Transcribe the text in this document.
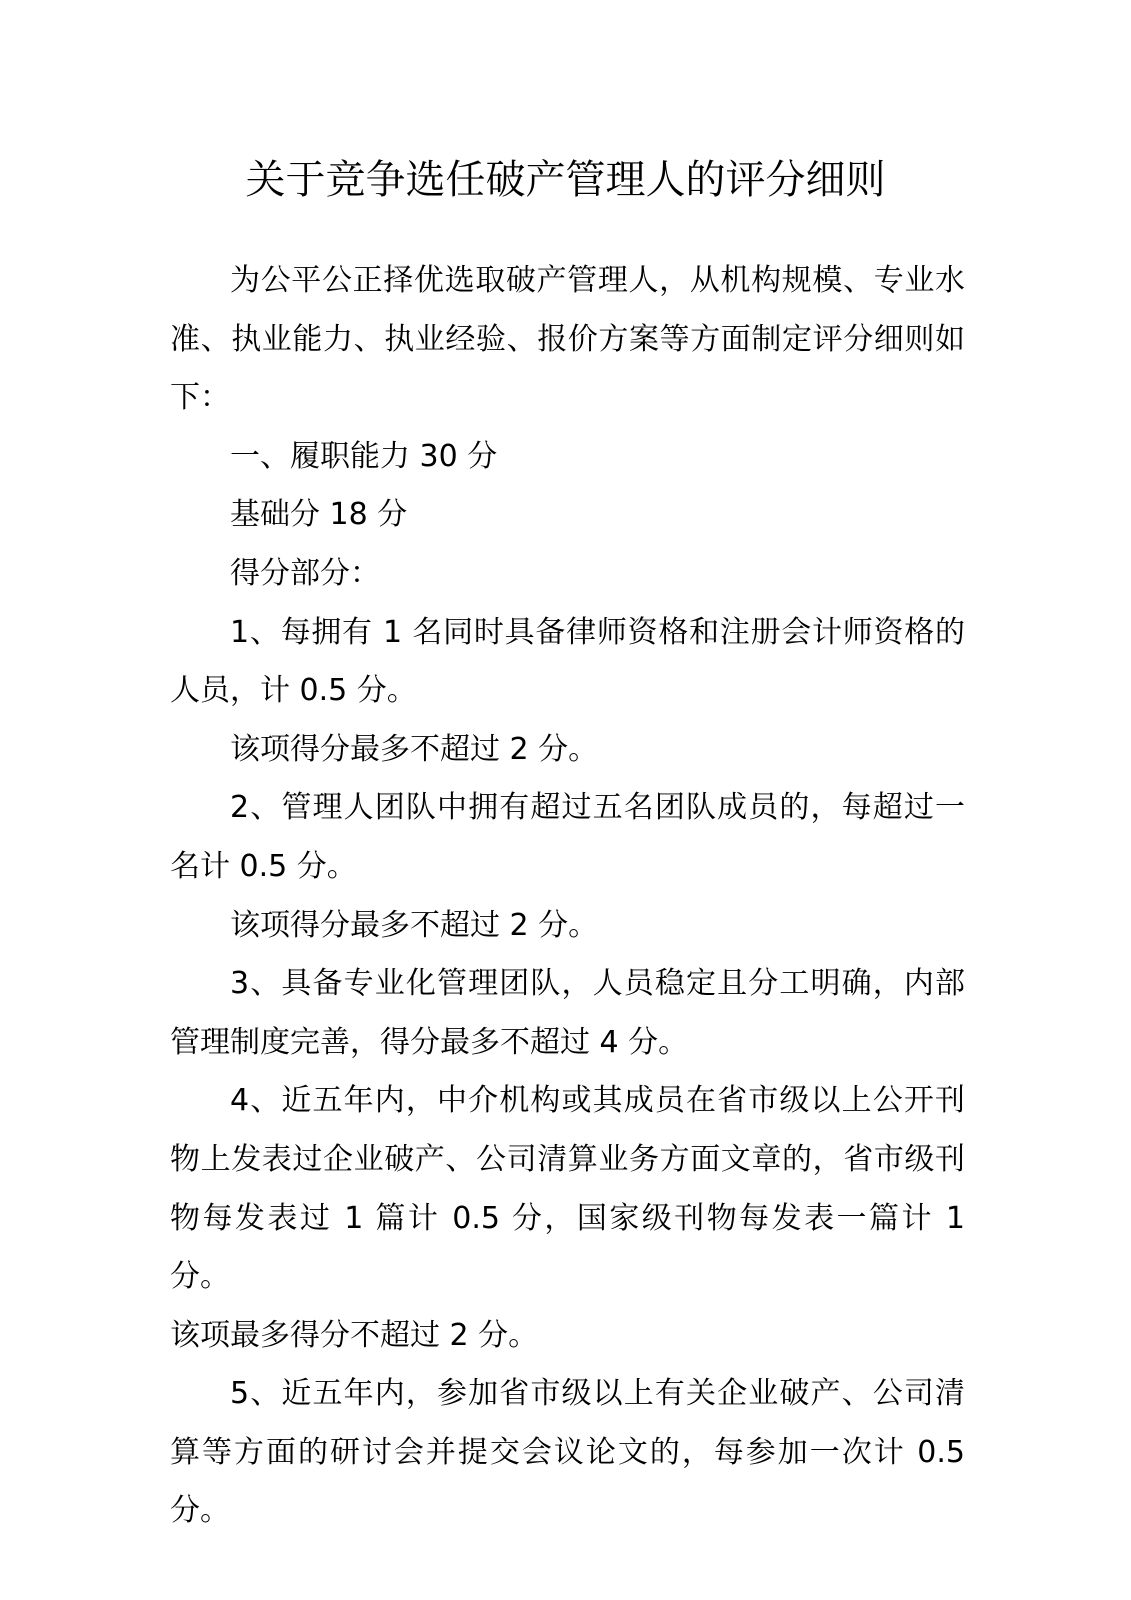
关于竞争选任破产管理人的评分细则

为公平公正择优选取破产管理人，从机构规模、专业水准、执业能力、执业经验、报价方案等方面制定评分细则如下：

一、履职能力 30 分

基础分 18 分

得分部分：

1、每拥有 1 名同时具备律师资格和注册会计师资格的人员，计 0.5 分。

该项得分最多不超过 2 分。

2、管理人团队中拥有超过五名团队成员的，每超过一名计 0.5 分。

该项得分最多不超过 2 分。

3、具备专业化管理团队，人员稳定且分工明确，内部管理制度完善，得分最多不超过 4 分。

4、近五年内，中介机构或其成员在省市级以上公开刊物上发表过企业破产、公司清算业务方面文章的，省市级刊物每发表过 1 篇计 0.5 分，国家级刊物每发表一篇计 1 分。

该项最多得分不超过 2 分。

5、近五年内，参加省市级以上有关企业破产、公司清算等方面的研讨会并提交会议论文的，每参加一次计 0.5 分。
